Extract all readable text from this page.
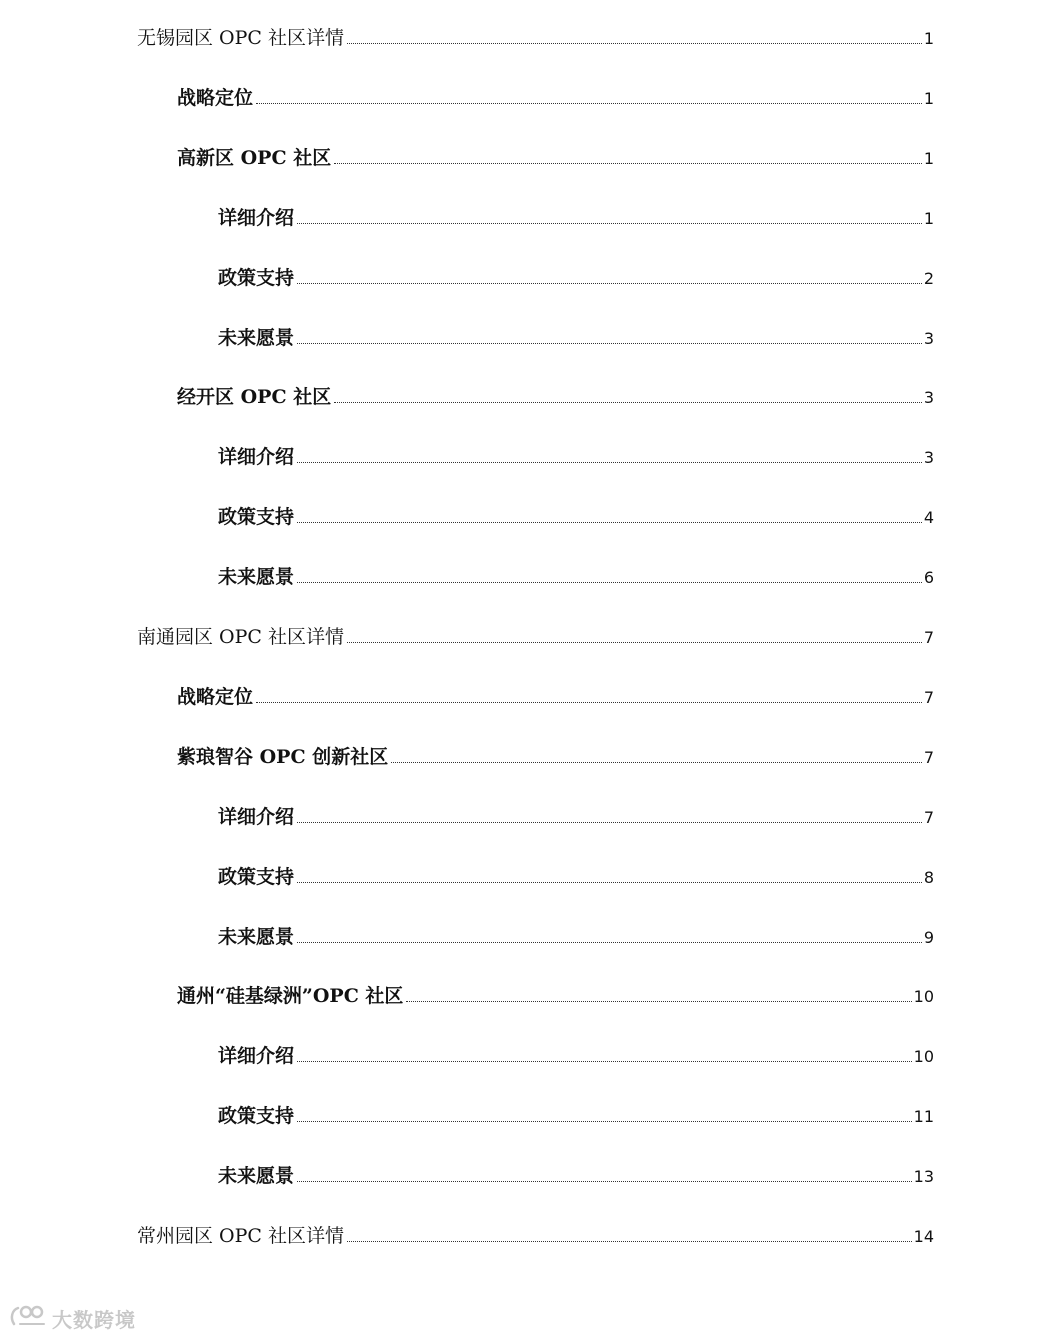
无锡园区 OPC 社区详情	1
战略定位	1
高新区 OPC 社区	1
详细介绍	1
政策支持	2
未来愿景	3
经开区 OPC 社区	3
详细介绍	3
政策支持	4
未来愿景	6
南通园区 OPC 社区详情	7
战略定位	7
紫琅智谷 OPC 创新社区	7
详细介绍	7
政策支持	8
未来愿景	9
通州“硅基绿洲”OPC 社区	10
详细介绍	10
政策支持	11
未来愿景	13
常州园区 OPC 社区详情	14
大数跨境
